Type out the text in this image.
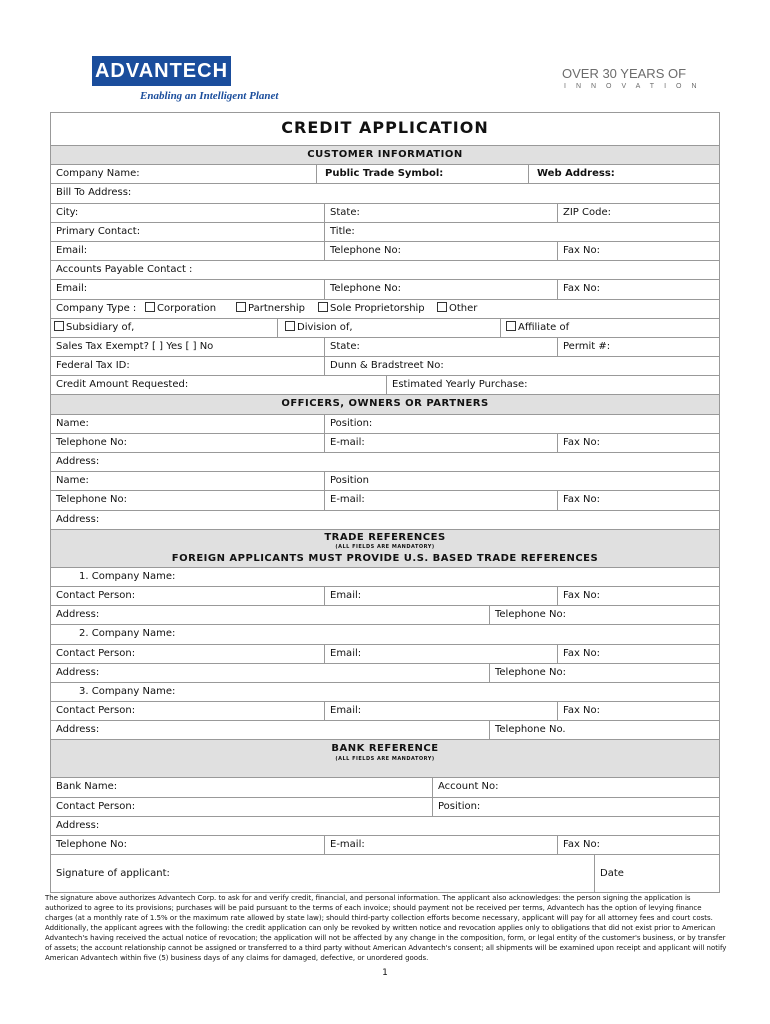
ADVANTECH
Enabling an Intelligent Planet
OVER 30 YEARS OF
INNOVATION
CREDIT APPLICATION
CUSTOMER INFORMATION
Company Name:	Public Trade Symbol:	Web Address:
Bill To Address:
City:	State:	ZIP Code:
Primary Contact:	Title:
Email:	Telephone No:	Fax No:
Accounts Payable Contact :
Email:	Telephone No:	Fax No:
Company Type :	Corporation	Partnership	Sole Proprietorship	Other
Subsidiary of,	Division of,	Affiliate of
Sales Tax Exempt? [ ] Yes [ ] No	State:	Permit #:
Federal Tax ID:	Dunn & Bradstreet No:
Credit Amount Requested:	Estimated Yearly Purchase:
OFFICERS, OWNERS OR PARTNERS
Name:	Position:
Telephone No:	E-mail:	Fax No:
Address:
Name:	Position
Telephone No:	E-mail:	Fax No:
Address:
TRADE REFERENCES
(ALL FIELDS ARE MANDATORY)
FOREIGN APPLICANTS MUST PROVIDE U.S. BASED TRADE REFERENCES
1. Company Name:
Contact Person:	Email:	Fax No:
Address:	Telephone No:
2. Company Name:
Contact Person:	Email:	Fax No:
Address:	Telephone No:
3. Company Name:
Contact Person:	Email:	Fax No:
Address:	Telephone No.
BANK REFERENCE
(ALL FIELDS ARE MANDATORY)
Bank Name:	Account No:
Contact Person:	Position:
Address:
Telephone No:	E-mail:	Fax No:
Signature of applicant:	Date
The signature above authorizes Advantech Corp. to ask for and verify credit, financial, and personal information. The applicant also acknowledges: the person signing the application is authorized to agree to its provisions; purchases will be paid pursuant to the terms of each invoice; should payment not be received per terms, Advantech has the option of levying finance charges (at a monthly rate of 1.5% or the maximum rate allowed by state law); should third-party collection efforts become necessary, applicant will pay for all attorney fees and court costs. Additionally, the applicant agrees with the following: the credit application can only be revoked by written notice and revocation applies only to obligations that did not exist prior to American Advantech's having received the actual notice of revocation; the application will not be affected by any change in the composition, form, or legal entity of the customer's business, or by transfer of assets; the account relationship cannot be assigned or transferred to a third party without American Advantech's consent; all shipments will be examined upon receipt and applicant will notify American Advantech within five (5) business days of any claims for damaged, defective, or unordered goods.
1
